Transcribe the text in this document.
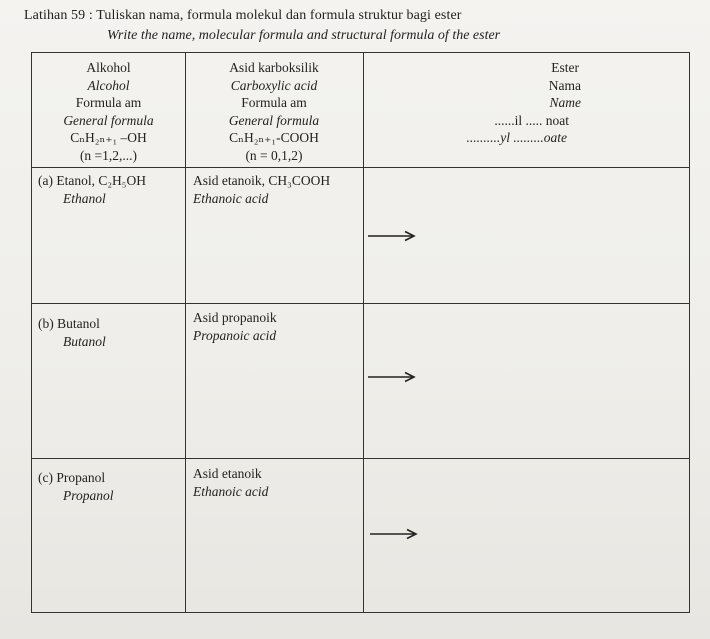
Latihan 59 : Tuliskan nama, formula molekul dan formula struktur bagi ester
Write the name, molecular formula and structural formula of the ester
Alkohol
Alcohol
Formula am
General formula
CₙH₂ₙ₊₁ –OH
(n =1,2,...)
Asid karboksilik
Carboxylic acid
Formula am
General formula
CₙH₂ₙ₊₁-COOH
(n = 0,1,2)
Ester
Nama
Name
......il ..... noat
..........yl .........oate
(a) Etanol, C₂H₅OH
Ethanol
Asid etanoik, CH₃COOH
Ethanoic acid
(b) Butanol
Butanol
Asid propanoik
Propanoic acid
(c) Propanol
Propanol
Asid etanoik
Ethanoic acid
